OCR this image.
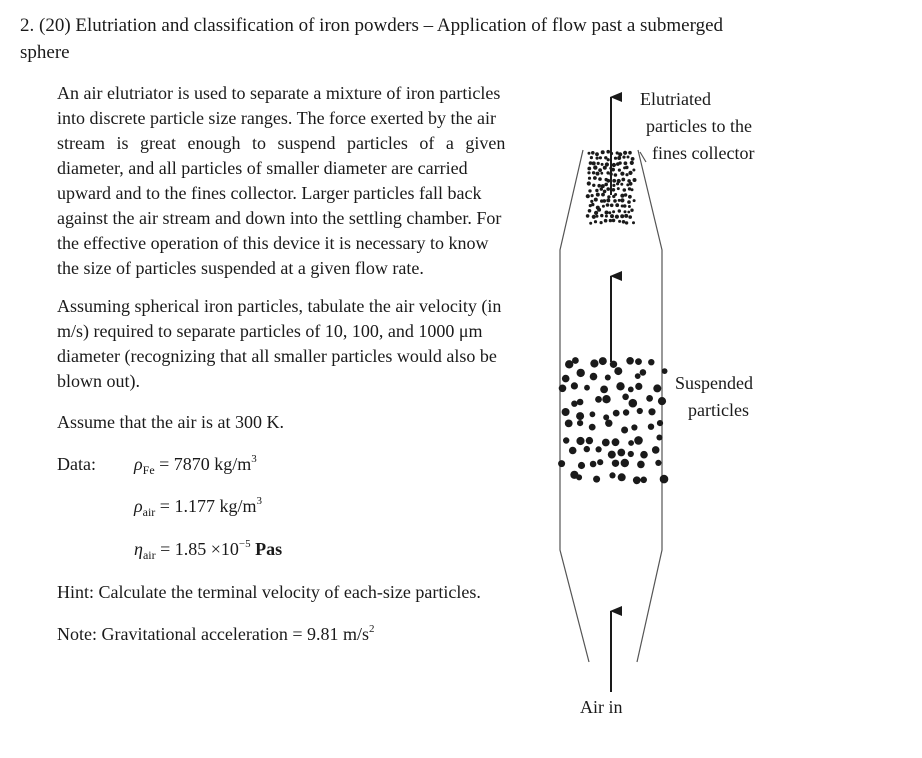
2. (20) Elutriation and classification of iron powders – Application of flow past a submerged
sphere
An air elutriator is used to separate a mixture of iron particles
into discrete particle size ranges. The force exerted by the air
stream is great enough to suspend particles of a given
diameter, and all particles of smaller diameter are carried
upward and to the fines collector. Larger particles fall back
against the air stream and down into the settling chamber. For
the effective operation of this device it is necessary to know
the size of particles suspended at a given flow rate.
Assuming spherical iron particles, tabulate the air velocity (in
m/s) required to separate particles of 10, 100, and 1000 μm
diameter (recognizing that all smaller particles would also be
blown out).
Assume that the air is at 300 K.
Data: $\rho_{Fe} = 7870$ $kg/m^3$
$\rho_{air} = 1.177$ $kg/m^3$
$\eta_{air} = 1.85 \times 10^{-5}$ Pas
Hint: Calculate the terminal velocity of each-size particles.
Note: Gravitational acceleration = 9.81 $m/s^2$
Elutriated
particles to the
fines collector
Suspended
particles
Air in
